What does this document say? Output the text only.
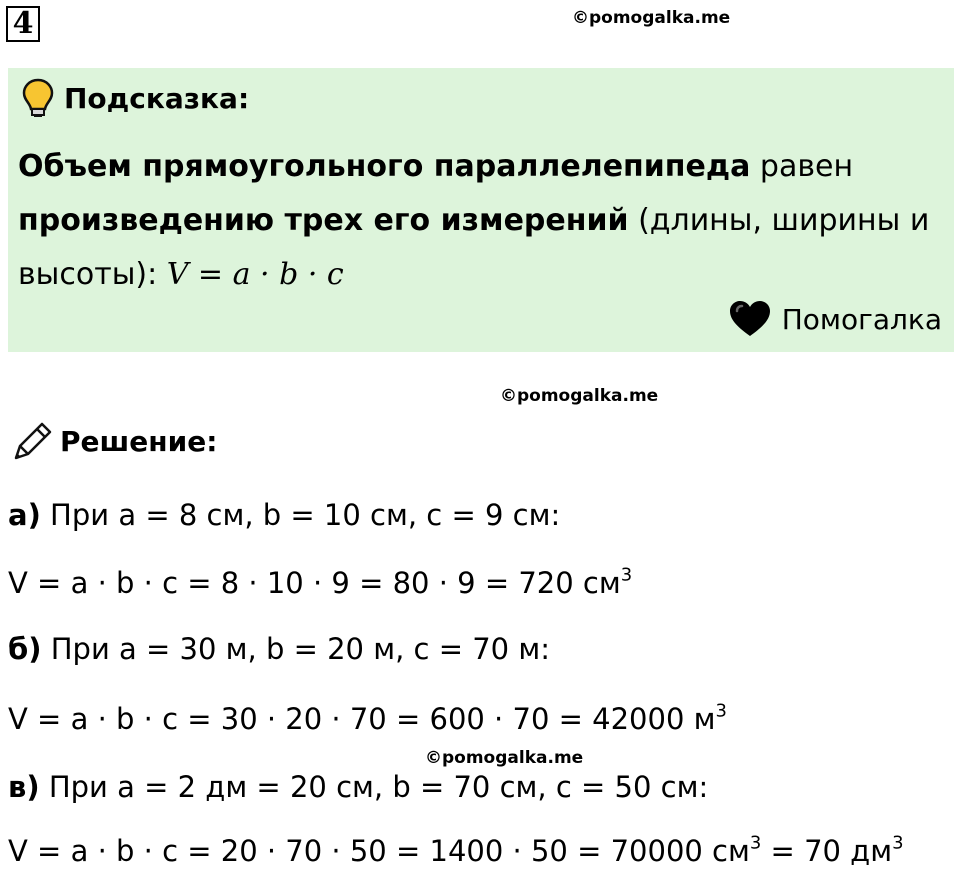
4	©pomogalka.me
Подсказка:
Объем прямоугольного параллелепипеда равен
произведению трех его измерений (длины, ширины и
высоты): V = a · b · c
Помогалка
©pomogalka.me
Решение:
а) При a = 8 см, b = 10 см, c = 9 см:
V = a · b · c = 8 · 10 · 9 = 80 · 9 = 720 $см^3$
б) При a = 30 м, b = 20 м, c = 70 м:
V = a · b · c = 30 · 20 · 70 = 600 · 70 = 42000 $м^3$
©pomogalka.me
в) При a = 2 дм = 20 см, b = 70 см, c = 50 см:
V = a · b · c = 20 · 70 · 50 = 1400 · 50 = 70000 $см^3 = 70$ $дм^3$
